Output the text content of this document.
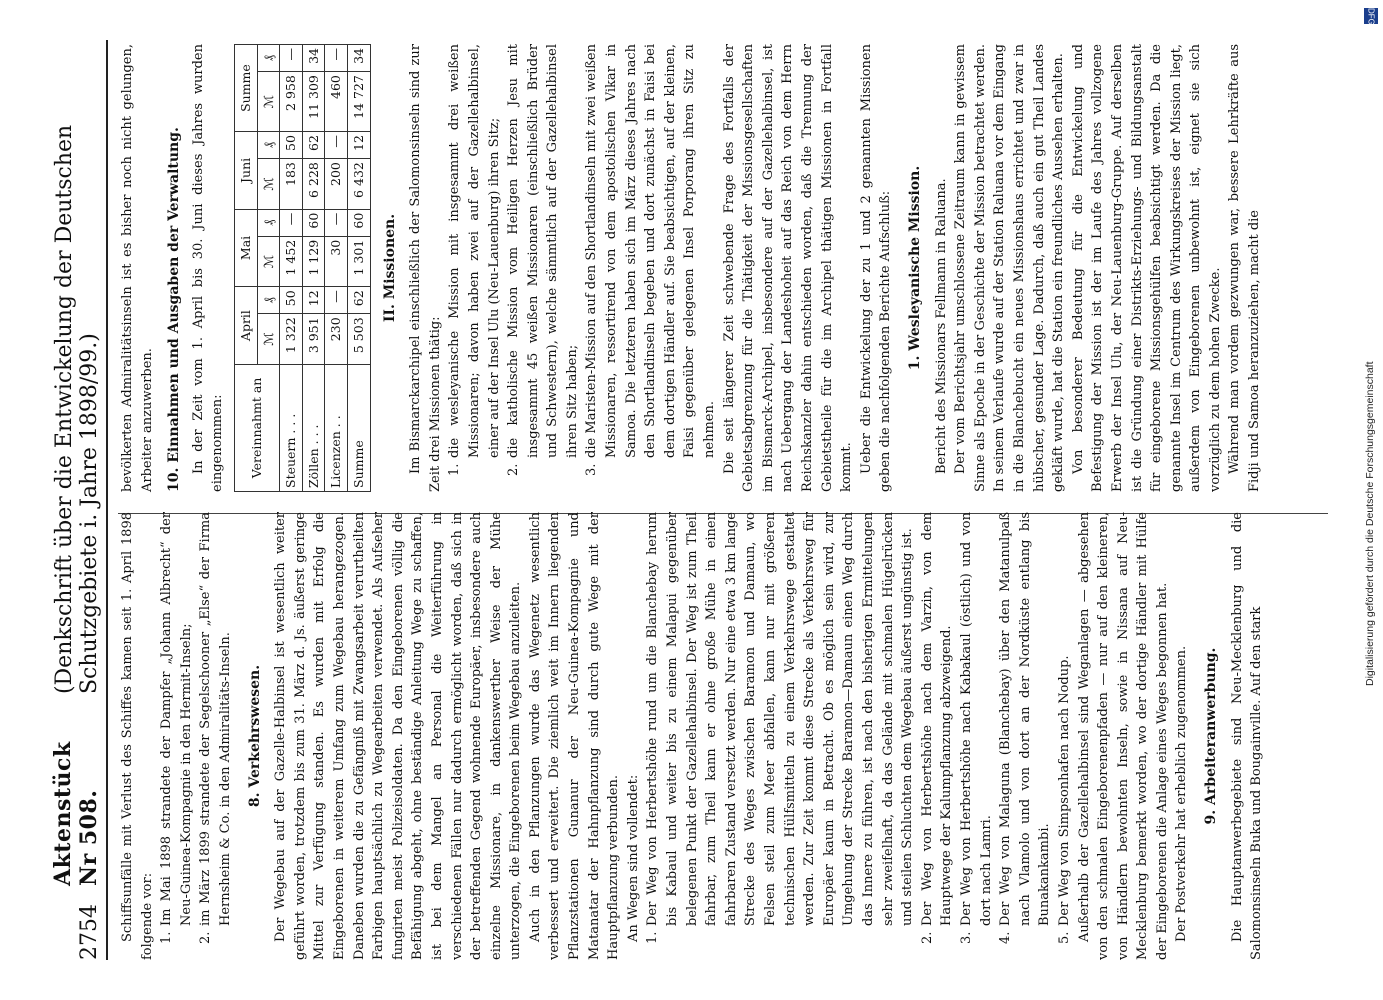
2754
Aktenstück Nr 508.
(Denkschrift über die Entwickelung der Deutschen Schutzgebiete i. Jahre 1898/99.) Schiffsunfälle mit Verlust des Schiffes kamen seit 1. April 1898 folgende vor: 1.Im Mai 1898 strandete der Dampfer „Johann Albrecht“ der Neu-Guinea-Kompagnie in den Hermit-Inseln;

2.im März 1899 strandete der Segelschooner „Else“ der Firma Hernsheim & Co. in den Admiralitäts-Inseln. 8. Verkehrswesen. Der Wegebau auf der Gazelle-Halbinsel ist wesentlich weiter geführt worden, trotzdem bis zum 31. März d. Js. äußerst geringe Mittel zur Verfügung standen. Es wurden mit Erfolg die Eingeborenen in weiterem Umfang zum Wegebau herangezogen. Daneben wurden die zu Gefängniß mit Zwangsarbeit verurtheilten Farbigen hauptsächlich zu Wegearbeiten verwendet. Als Aufseher fungirten meist Polizeisoldaten. Da den Eingeborenen völlig die Befähigung abgeht, ohne beständige Anleitung Wege zu schaffen, ist bei dem Mangel an Personal die Weiterführung in verschiedenen Fällen nur dadurch ermöglicht worden, daß sich in der betreffenden Gegend wohnende Europäer, insbesondere auch einzelne Missionare, in dankenswerther Weise der Mühe unterzogen, die Eingeborenen beim Wegebau anzuleiten. Auch in den Pflanzungen wurde das Wegenetz wesentlich verbessert und erweitert. Die ziemlich weit im Innern liegenden Pflanzstationen Gunanur der Neu-Guinea-Kompagnie und Matanatar der Hahnpflanzung sind durch gute Wege mit der Hauptpflanzung verbunden. An Wegen sind vollendet: 1.Der Weg von Herbertshöhe rund um die Blanchebay herum bis Kabaul und weiter bis zu einem Malapui gegenüber belegenen Punkt der Gazellehalbinsel. Der Weg ist zum Theil fahrbar, zum Theil kann er ohne große Mühe in einen fahrbaren Zustand versetzt werden. Nur eine etwa 3 km lange Strecke des Weges zwischen Baramon und Damaun, wo Felsen steil zum Meer abfallen, kann nur mit größeren technischen Hülfsmitteln zu einem Verkehrswege gestaltet werden. Zur Zeit kommt diese Strecke als Verkehrsweg für Europäer kaum in Betracht. Ob es möglich sein wird, zur Umgehung der Strecke Baramon—Damaun einen Weg durch das Innere zu führen, ist nach den bisherigen Ermittelungen sehr zweifelhaft, da das Gelände mit schmalen Hügelrücken und steilen Schluchten dem Wegebau äußerst ungünstig ist.

2.Der Weg von Herbertshöhe nach dem Varzin, von dem Hauptwege der Kalumpflanzung abzweigend.

3.Der Weg von Herbertshöhe nach Kabakaul (östlich) und von dort nach Lamri.

4.Der Weg von Malaguna (Blanchebay) über den Matanulpaß nach Vlamolo und von dort an der Nordküste entlang bis Bunakankambi.

5.Der Weg von Simpsonhafen nach Nodup. Außerhalb der Gazellehalbinsel sind Weganlagen — abgesehen von den schmalen Eingeborenenpfaden — nur auf den kleineren, von Händlern bewohnten Inseln, sowie in Nissana auf Neu-Mecklenburg bemerkt worden, wo der dortige Händler mit Hülfe der Eingeborenen die Anlage eines Weges begonnen hat. Der Postverkehr hat erheblich zugenommen. 9. Arbeiteranwerbung. Die Hauptanwerbegebiete sind Neu-Mecklenburg und die Salomonsinseln Buka und Bougainville. Auf den stark

bevölkerten Admiralitätsinseln ist es bisher noch nicht gelungen, Arbeiter anzuwerben. 10. Einnahmen und Ausgaben der Verwaltung. In der Zeit vom 1. April bis 30. Juni dieses Jahres wurden eingenommen: Vereinnahmt an	April		Mai		Juni		Summe	
	ℳ	₰	ℳ	₰	ℳ	₰	ℳ	₰
Steuern . . .	1 322	50	1 452	—	183	50	2 958	—
Zöllen . . .	3 951	12	1 129	60	6 228	62	11 309	34
Licenzen . .	230	—	30	—	200	—	460	—
Summe	5 503	62	1 301	60	6 432	12	14 727	34

II. Missionen. Im Bismarckarchipel einschließlich der Salomonsinseln sind zur Zeit drei Missionen thätig: 1.die wesleyanische Mission mit insgesammt drei weißen Missionaren; davon haben zwei auf der Gazellehalbinsel, einer auf der Insel Ulu (Neu-Lauenburg) ihren Sitz;

2.die katholische Mission vom Heiligen Herzen Jesu mit insgesammt 45 weißen Missionaren (einschließlich Brüder und Schwestern), welche sämmtlich auf der Gazellehalbinsel ihren Sitz haben;

3.die Maristen-Mission auf den Shortlandinseln mit zwei weißen Missionaren, ressortirend von dem apostolischen Vikar in Samoa. Die letzteren haben sich im März dieses Jahres nach den Shortlandinseln begeben und dort zunächst in Faisi bei dem dortigen Händler auf. Sie beabsichtigen, auf der kleinen, Faisi gegenüber gelegenen Insel Porporang ihren Sitz zu nehmen. Die seit längerer Zeit schwebende Frage des Fortfalls der Gebietsabgrenzung für die Thätigkeit der Missionsgesellschaften im Bismarck-Archipel, insbesondere auf der Gazellehalbinsel, ist nach Uebergang der Landeshoheit auf das Reich von dem Herrn Reichskanzler dahin entschieden worden, daß die Trennung der Gebietstheile für die im Archipel thätigen Missionen in Fortfall kommt. Ueber die Entwickelung der zu 1 und 2 genannten Missionen geben die nachfolgenden Berichte Aufschluß: 1. Wesleyanische Mission. Bericht des Missionars Fellmann in Raluana. Der vom Berichtsjahr umschlossene Zeitraum kann in gewissem Sinne als Epoche in der Geschichte der Mission betrachtet werden. In seinem Verlaufe wurde auf der Station Raluana vor dem Eingang in die Blanchebucht ein neues Missionshaus errichtet und zwar in hübscher, gesunder Lage. Dadurch, daß auch ein gut Theil Landes gekläft wurde, hat die Station ein freundliches Aussehen erhalten. Von besonderer Bedeutung für die Entwickelung und Befestigung der Mission ist der im Laufe des Jahres vollzogene Erwerb der Insel Ulu, der Neu-Lauenburg-Gruppe. Auf derselben ist die Gründung einer Distrikts-Erziehungs- und Bildungsanstalt für eingeborene Missionsgehülfen beabsichtigt werden. Da die genannte Insel im Centrum des Wirkungskreises der Mission liegt, außerdem von Eingeborenen unbewohnt ist, eignet sie sich vorzüglich zu dem hohen Zwecke. Während man vordem gezwungen war, bessere Lehrkräfte aus Fidji und Samoa heranzuziehen, macht die

DFG
Digitalisierung gefördert durch die Deutsche Forschungsgemeinschaft
